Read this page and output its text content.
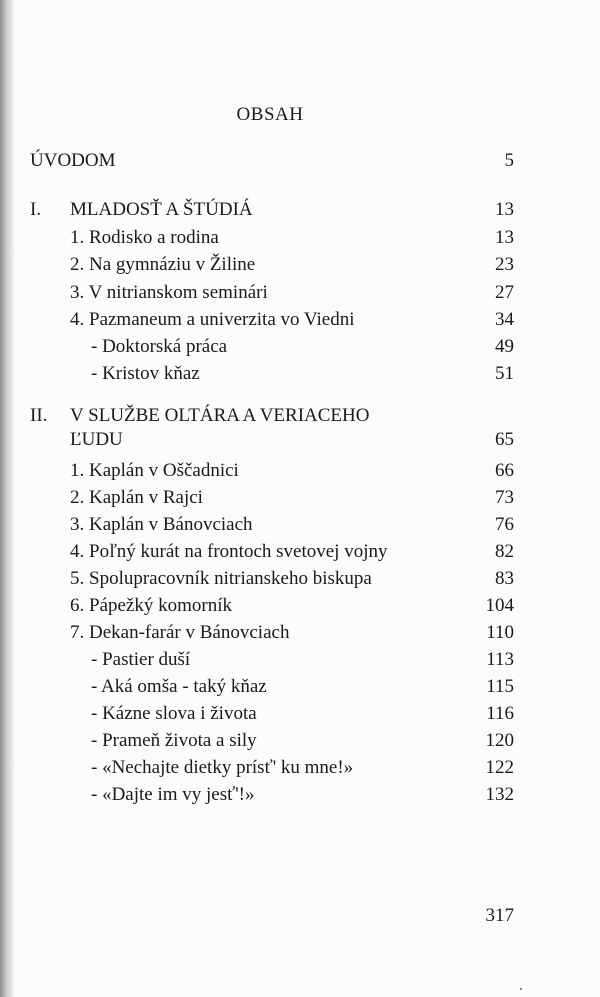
OBSAH
ÚVODOM	5
I. MLADOSŤ A ŠTÚDIÁ	13
1. Rodisko a rodina	13
2. Na gymnáziu v Žiline	23
3. V nitrianskom seminári	27
4. Pazmaneum a univerzita vo Viedni	34
- Doktorská práca	49
- Kristov kňaz	51
II. V SLUŽBE OLTÁRA A VERIACEHO
ĽUDU	65
1. Kaplán v Oščadnici	66
2. Kaplán v Rajci	73
3. Kaplán v Bánovciach	76
4. Poľný kurát na frontoch svetovej vojny	82
5. Spolupracovník nitrianskeho biskupa	83
6. Pápežký komorník	104
7. Dekan-farár v Bánovciach	110
- Pastier duší	113
- Aká omša - taký kňaz	115
- Kázne slova i života	116
- Prameň života a sily	120
- «Nechajte dietky prísť' ku mne!»	122
- «Dajte im vy jesť'!»	132
317
